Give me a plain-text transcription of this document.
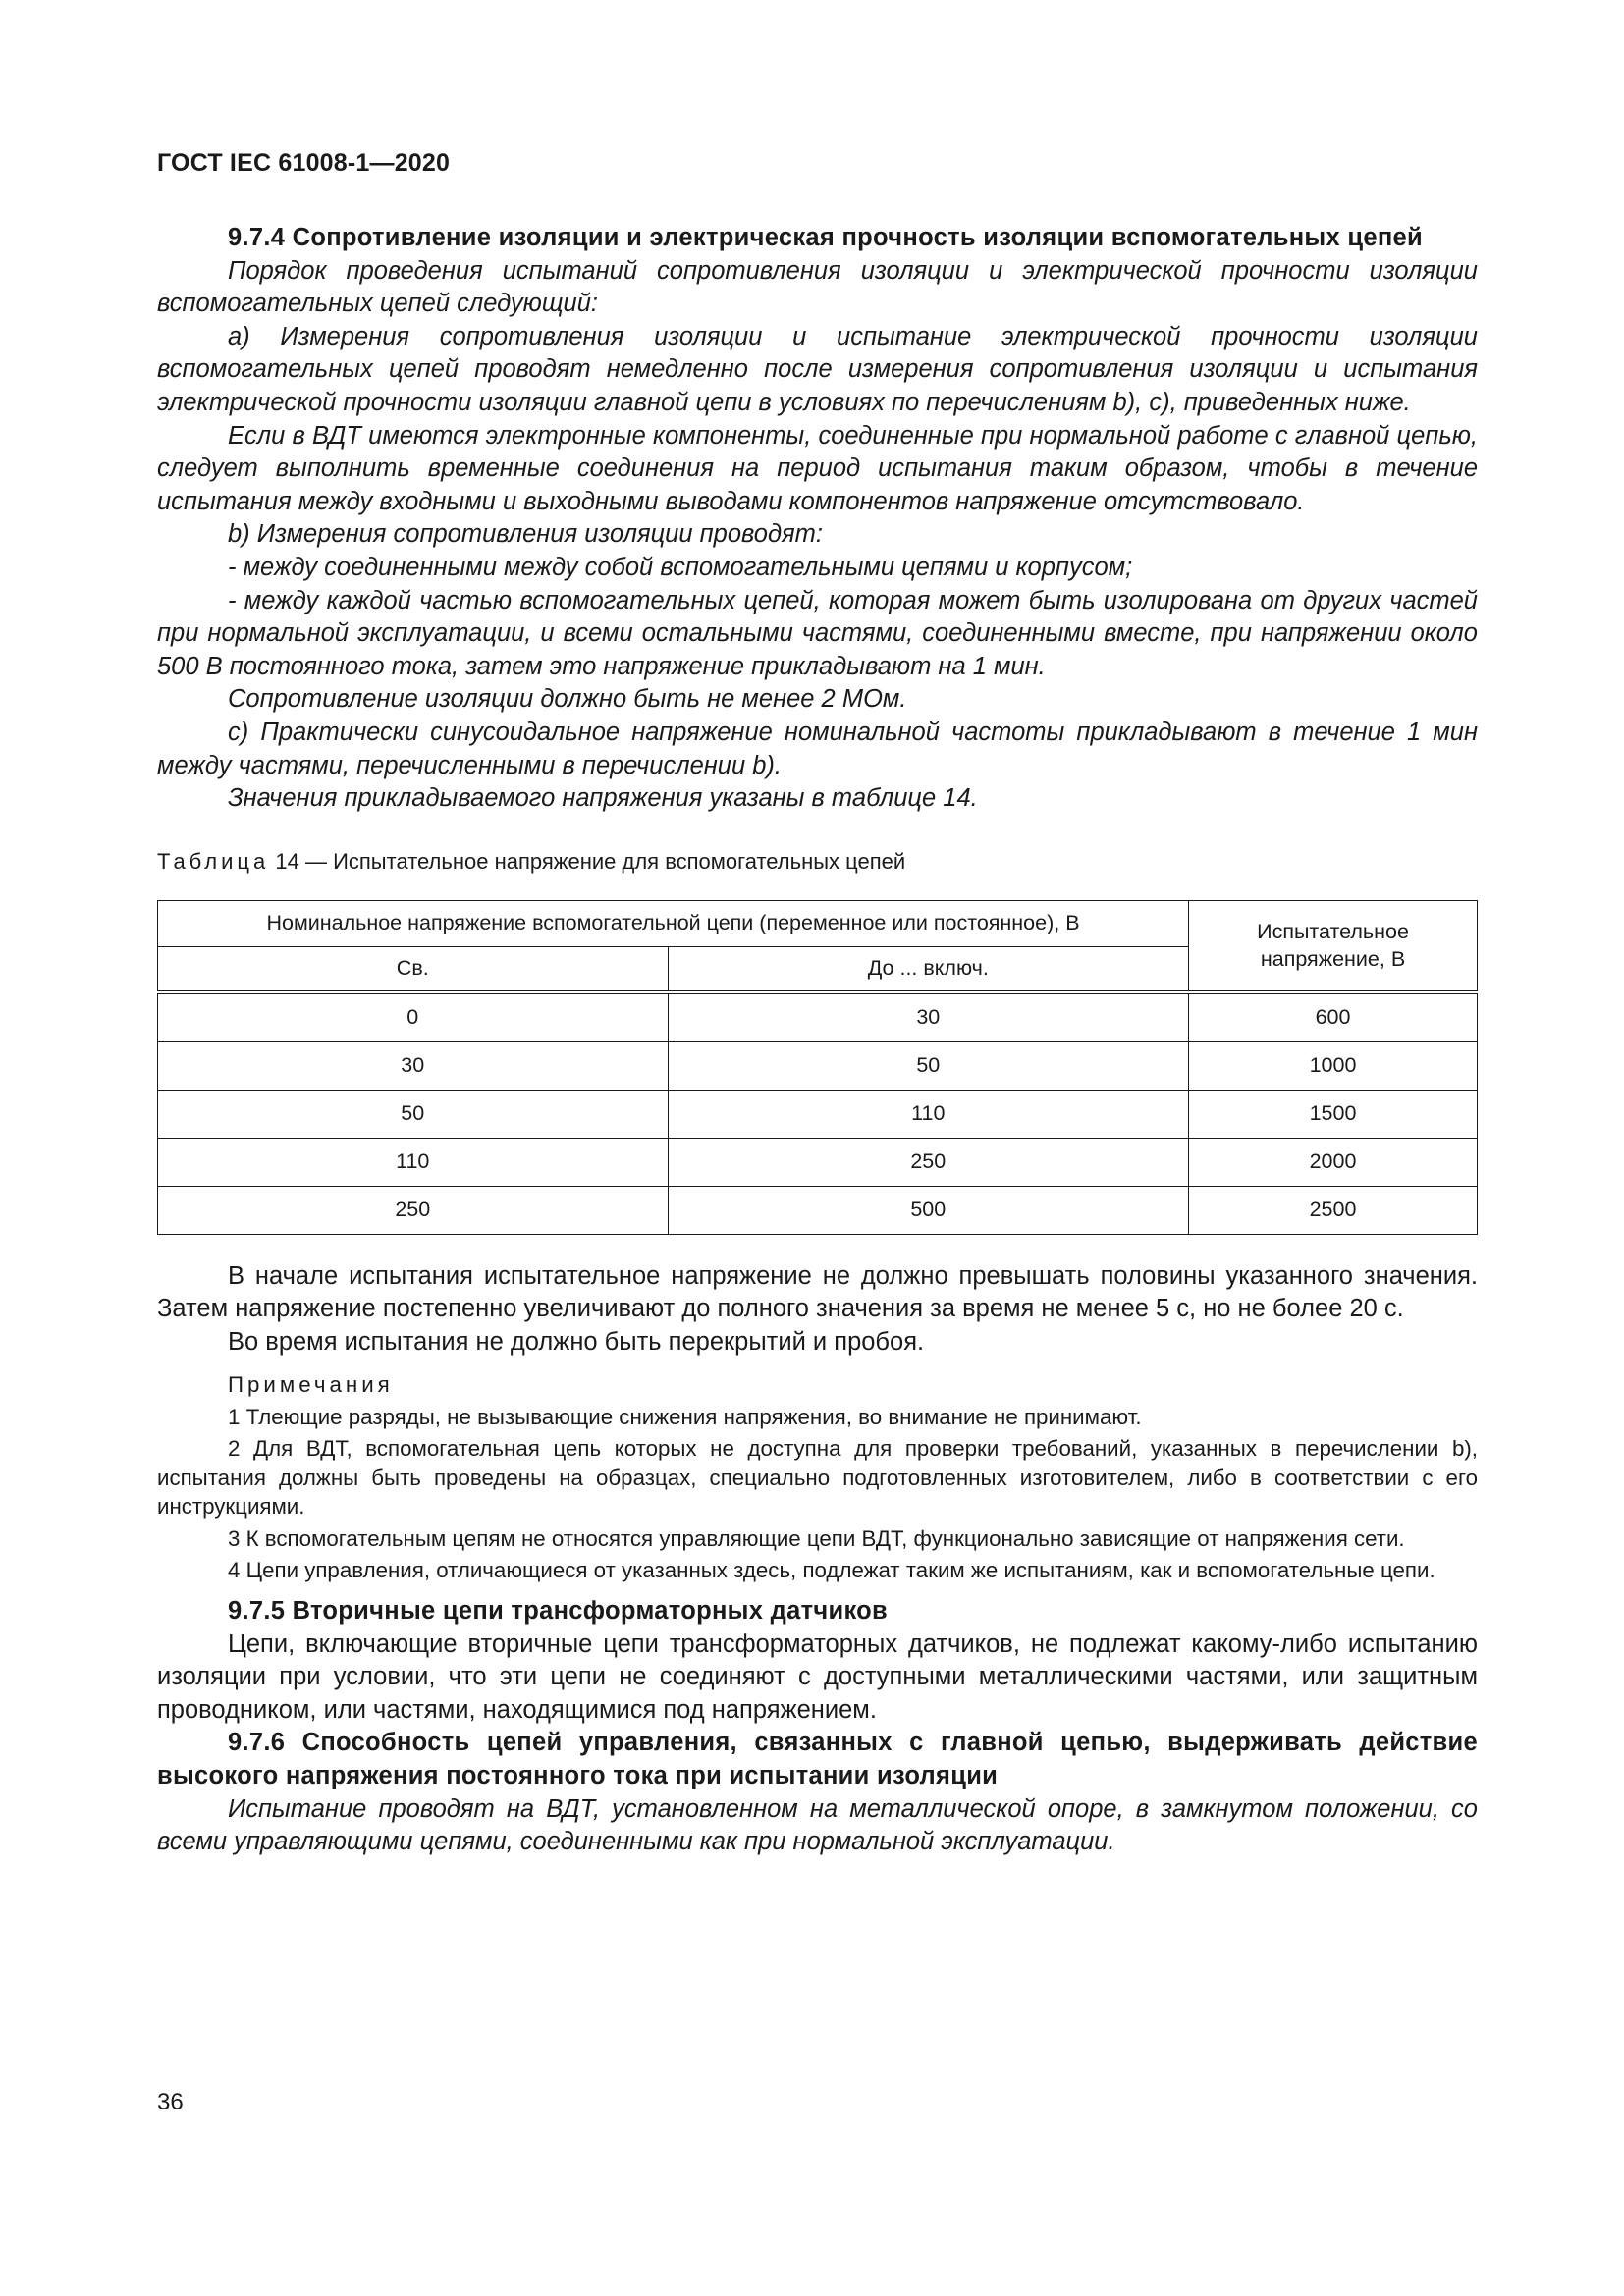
ГОСТ IEC 61008-1—2020

9.7.4 Сопротивление изоляции и электрическая прочность изоляции вспомогательных цепей

Порядок проведения испытаний сопротивления изоляции и электрической прочности изоляции вспомогательных цепей следующий:

a) Измерения сопротивления изоляции и испытание электрической прочности изоляции вспомогательных цепей проводят немедленно после измерения сопротивления изоляции и испытания электрической прочности изоляции главной цепи в условиях по перечислениям b), c), приведенных ниже.

Если в ВДТ имеются электронные компоненты, соединенные при нормальной работе с главной цепью, следует выполнить временные соединения на период испытания таким образом, чтобы в течение испытания между входными и выходными выводами компонентов напряжение отсутствовало.

b) Измерения сопротивления изоляции проводят:

- между соединенными между собой вспомогательными цепями и корпусом;

- между каждой частью вспомогательных цепей, которая может быть изолирована от других частей при нормальной эксплуатации, и всеми остальными частями, соединенными вместе, при напряжении около 500 В постоянного тока, затем это напряжение прикладывают на 1 мин.

Сопротивление изоляции должно быть не менее 2 МОм.

c) Практически синусоидальное напряжение номинальной частоты прикладывают в течение 1 мин между частями, перечисленными в перечислении b).

Значения прикладываемого напряжения указаны в таблице 14.

Таблица 14 — Испытательное напряжение для вспомогательных цепей
Номинальное напряжение вспомогательной цепи (переменное или постоянное), В		Испытательное напряжение, В
Св.	До ... включ.	
0	30	600
30	50	1000
50	110	1500
110	250	2000
250	500	2500

В начале испытания испытательное напряжение не должно превышать половины указанного значения. Затем напряжение постепенно увеличивают до полного значения за время не менее 5 с, но не более 20 с.

Во время испытания не должно быть перекрытий и пробоя.

Примечания

1 Тлеющие разряды, не вызывающие снижения напряжения, во внимание не принимают.

2 Для ВДТ, вспомогательная цепь которых не доступна для проверки требований, указанных в перечислении b), испытания должны быть проведены на образцах, специально подготовленных изготовителем, либо в соответствии с его инструкциями.

3 К вспомогательным цепям не относятся управляющие цепи ВДТ, функционально зависящие от напряжения сети.

4 Цепи управления, отличающиеся от указанных здесь, подлежат таким же испытаниям, как и вспомогательные цепи.

9.7.5 Вторичные цепи трансформаторных датчиков

Цепи, включающие вторичные цепи трансформаторных датчиков, не подлежат какому-либо испытанию изоляции при условии, что эти цепи не соединяют с доступными металлическими частями, или защитным проводником, или частями, находящимися под напряжением.

9.7.6 Способность цепей управления, связанных с главной цепью, выдерживать действие высокого напряжения постоянного тока при испытании изоляции

Испытание проводят на ВДТ, установленном на металлической опоре, в замкнутом положении, со всеми управляющими цепями, соединенными как при нормальной эксплуатации.

36
